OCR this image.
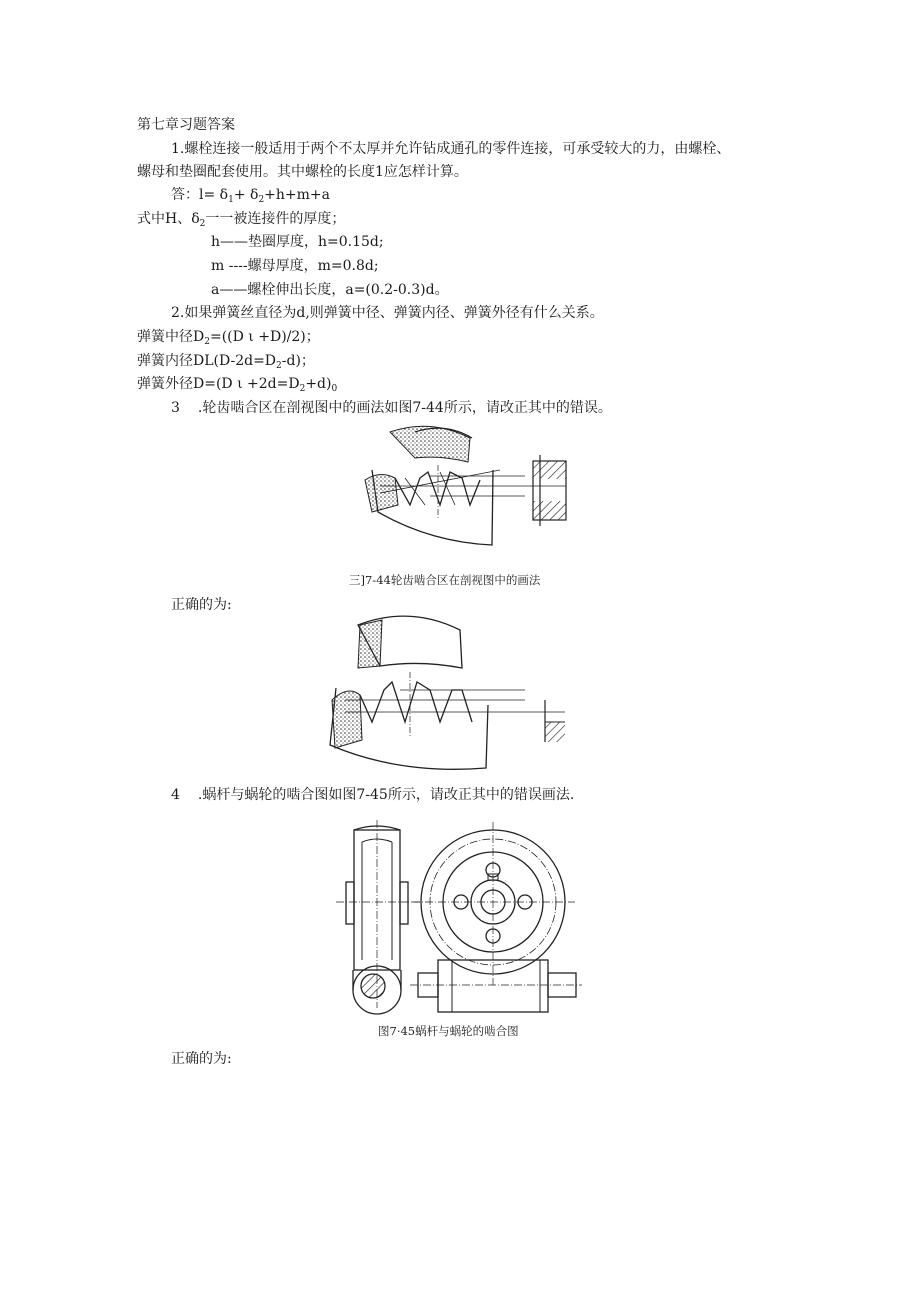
第七章习题答案
1.螺栓连接一般适用于两个不太厚并允许钻成通孔的零件连接，可承受较大的力，由螺栓、
螺母和垫圈配套使用。其中螺栓的长度1应怎样计算。
答：$l= \delta_1+ \delta_2+h+m+a$
式中H、$\delta_2$一一被连接件的厚度；
h——垫圈厚度，h=0.15d;
m ----螺母厚度，m=0.8d;
a——螺栓伸出长度，a=(0.2-0.3)d。
2.如果弹簧丝直径为d,则弹簧中径、弹簧内径、弹簧外径有什么关系。
弹簧中径$D_2=((D$ ι +D)/2)；
弹簧内径$DL(D-2d=D_2-d)$；
弹簧外径D=(D $\iota +2d=D_2+d)_0$
3 .轮齿啮合区在剖视图中的画法如图7-44所示，请改正其中的错误。
三]7-44轮齿啮合区在剖视图中的画法
正确的为:
4 .蜗杆与蜗轮的啮合图如图7-45所示，请改正其中的错误画法.
图7·45蜗杆与蜗轮的啮合图
正确的为:
